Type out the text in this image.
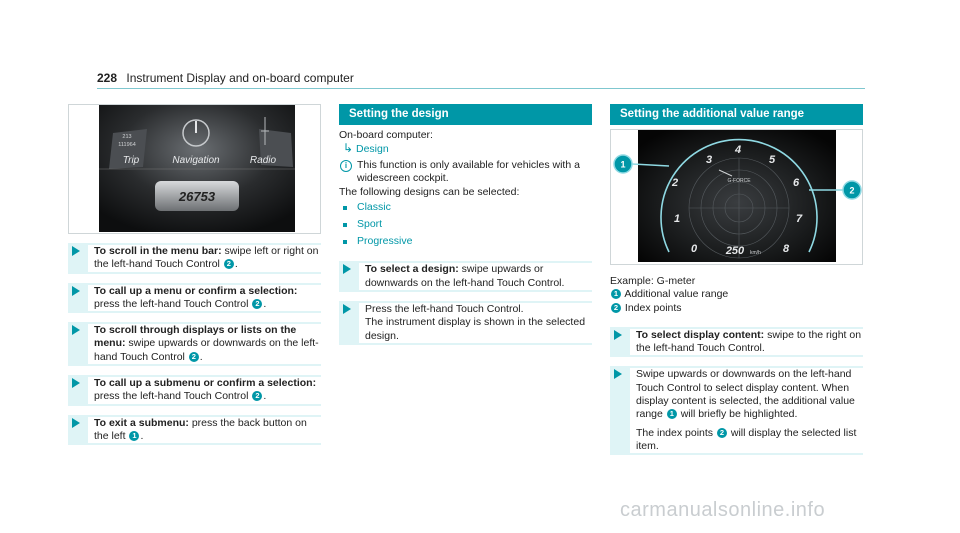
228 Instrument Display and on-board computer
213
111964
Trip	Navigation	Radio
26753
To scroll in the menu bar: swipe left or right on the left-hand Touch Control 2 .
To call up a menu or confirm a selection: press the left-hand Touch Control 2 .
To scroll through displays or lists on the menu: swipe upwards or downwards on the left-hand Touch Control 2 .
To call up a submenu or confirm a selection: press the left-hand Touch Control 2 .
To exit a submenu: press the back button on the left 1 .
Setting the design

On-board computer:

↳ Design

i This function is only available for vehicles with a widescreen cockpit.

The following designs can be selected:

Classic
Sport
Progressive
To select a design: swipe upwards or downwards on the left-hand Touch Control.
Press the left-hand Touch Control.
The instrument display is shown in the selected design.
Setting the additional value range
0
1
2
3
4
5
6
7
8
G-FORCE
250 km/h
1
2

Example: G-meter

1 Additional value range

2 Index points

To select display content: swipe to the right on the left-hand Touch Control.
Swipe upwards or downwards on the left-hand Touch Control to select display content. When display content is selected, the additional value range 1 will briefly be highlighted.
The index points 2 will display the selected list item.
carmanualsonline.info
